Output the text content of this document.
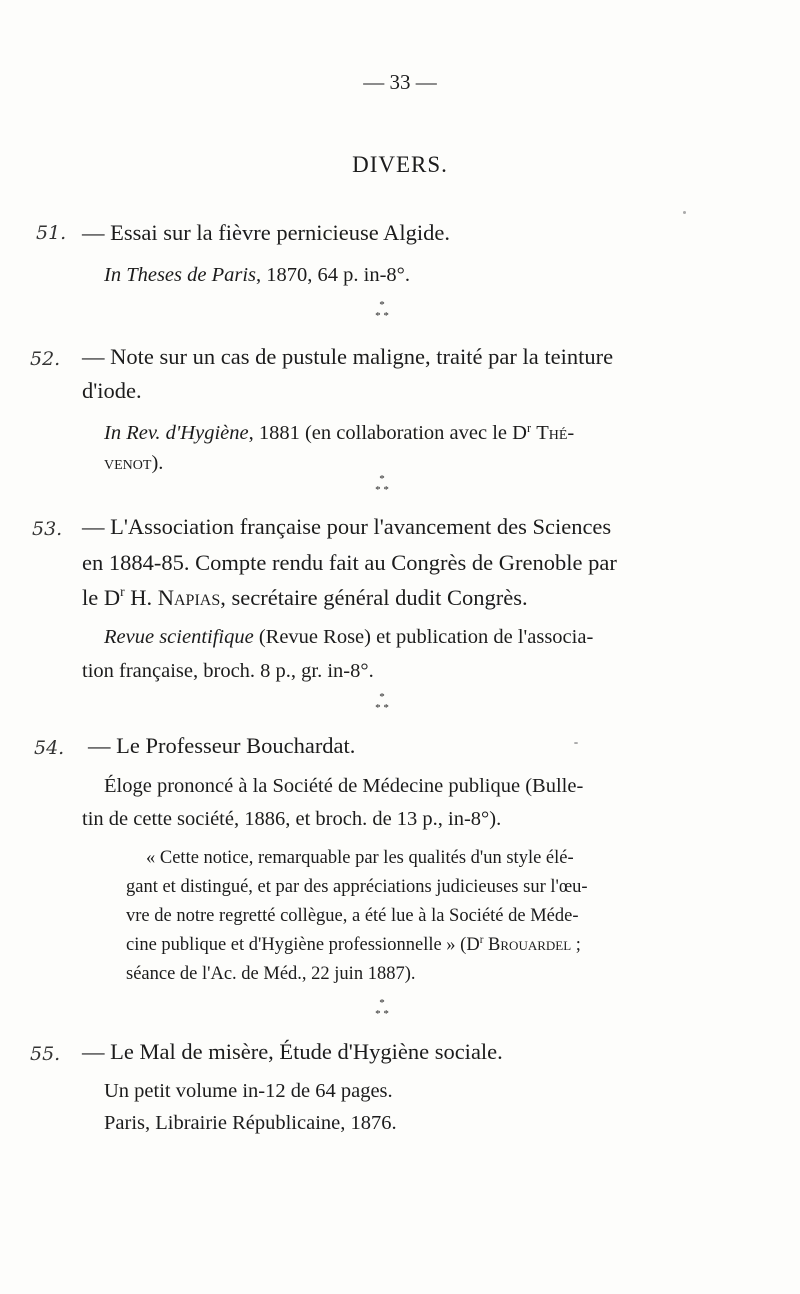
— 33 —
DIVERS.
51. — Essai sur la fièvre pernicieuse Algide.
In Theses de Paris, 1870, 64 p. in-8°.
*
* *
52. — Note sur un cas de pustule maligne, traité par la teinture
d'iode.
In Rev. d'Hygiène, 1881 (en collaboration avec le $D^r$ Thé-
venot).
*
* *
53. — L'Association française pour l'avancement des Sciences
en 1884-85. Compte rendu fait au Congrès de Grenoble par
le $D^r$ H. Napias, secrétaire général dudit Congrès.
Revue scientifique (Revue Rose) et publication de l'associa-
tion française, broch. 8 p., gr. in-8°.
*
* *
54. — Le Professeur Bouchardat.
Éloge prononcé à la Société de Médecine publique (Bulle-
tin de cette société, 1886, et broch. de 13 p., in-8°).
« Cette notice, remarquable par les qualités d'un style élé-
gant et distingué, et par des appréciations judicieuses sur l'œu-
vre de notre regretté collègue, a été lue à la Société de Méde-
cine publique et d'Hygiène professionnelle » ($D^r$ Brouardel ;
séance de l'Ac. de Méd., 22 juin 1887).
*
* *
55. — Le Mal de misère, Étude d'Hygiène sociale.
Un petit volume in-12 de 64 pages.
Paris, Librairie Républicaine, 1876.
